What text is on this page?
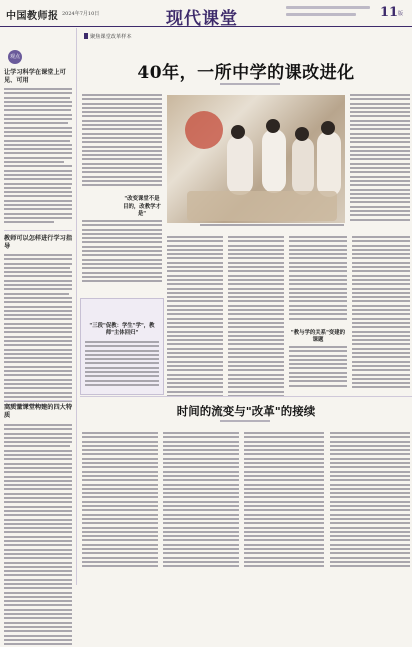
中国教师报 2024年7月10日	现代课堂	11 版
观点
让学习科学在课堂上可见、可用
教师可以怎样进行学习指导
高质量课堂构建的四大特质
聚焦课堂改革样本
40年，一所中学的课改进化
"改变课堂不是目的，改教学才是"
"教与学的关系"变建的课题
"三段"促教：学生"学"，教师"主体回归"
时间的流变与"改革"的接续
